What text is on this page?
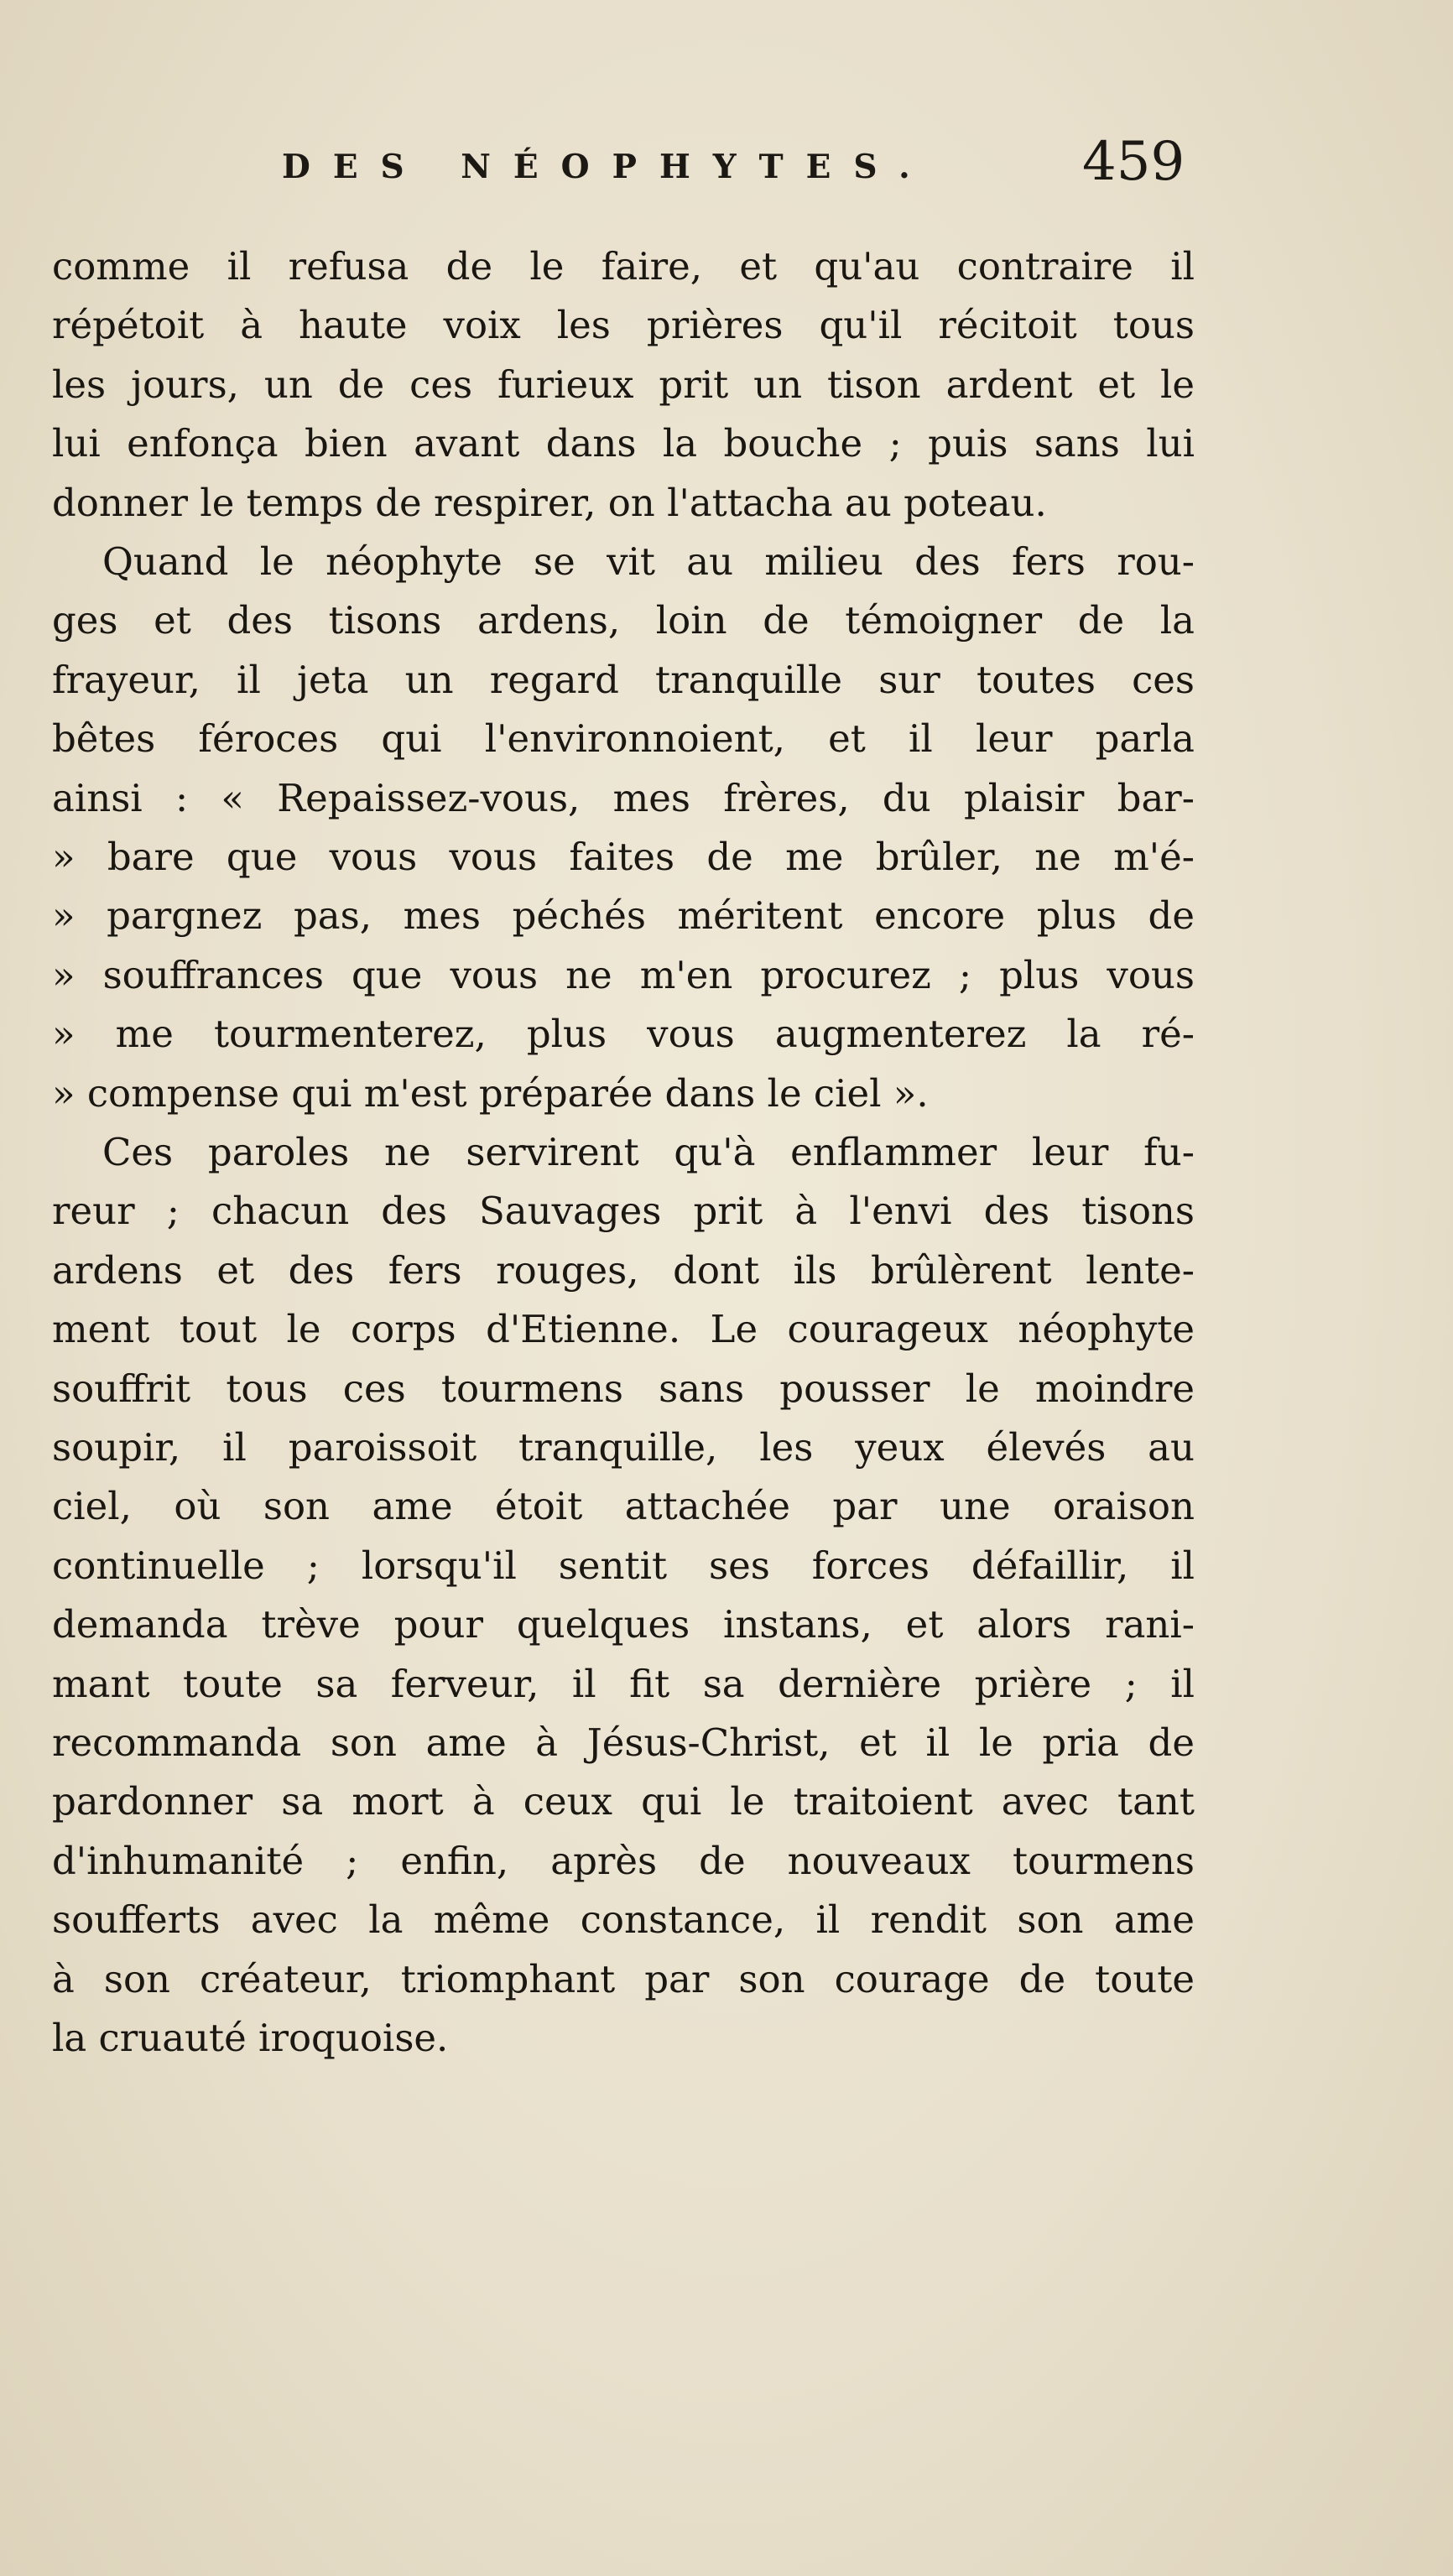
DES NÉOPHYTES.	459
comme il refusa de le faire, et qu'au contraire il
répétoit à haute voix les prières qu'il récitoit tous
les jours, un de ces furieux prit un tison ardent et le
lui enfonça bien avant dans la bouche ; puis sans lui
donner le temps de respirer, on l'attacha au poteau.
Quand le néophyte se vit au milieu des fers rou-
ges et des tisons ardens, loin de témoigner de la
frayeur, il jeta un regard tranquille sur toutes ces
bêtes féroces qui l'environnoient, et il leur parla
ainsi : « Repaissez-vous, mes frères, du plaisir bar-
» bare que vous vous faites de me brûler, ne m'é-
» pargnez pas, mes péchés méritent encore plus de
» souffrances que vous ne m'en procurez ; plus vous
» me tourmenterez, plus vous augmenterez la ré-
» compense qui m'est préparée dans le ciel ».
Ces paroles ne servirent qu'à enflammer leur fu-
reur ; chacun des Sauvages prit à l'envi des tisons
ardens et des fers rouges, dont ils brûlèrent lente-
ment tout le corps d'Etienne. Le courageux néophyte
souffrit tous ces tourmens sans pousser le moindre
soupir, il paroissoit tranquille, les yeux élevés au
ciel, où son ame étoit attachée par une oraison
continuelle ; lorsqu'il sentit ses forces défaillir, il
demanda trève pour quelques instans, et alors rani-
mant toute sa ferveur, il fit sa dernière prière ; il
recommanda son ame à Jésus-Christ, et il le pria de
pardonner sa mort à ceux qui le traitoient avec tant
d'inhumanité ; enfin, après de nouveaux tourmens
soufferts avec la même constance, il rendit son ame
à son créateur, triomphant par son courage de toute
la cruauté iroquoise.
